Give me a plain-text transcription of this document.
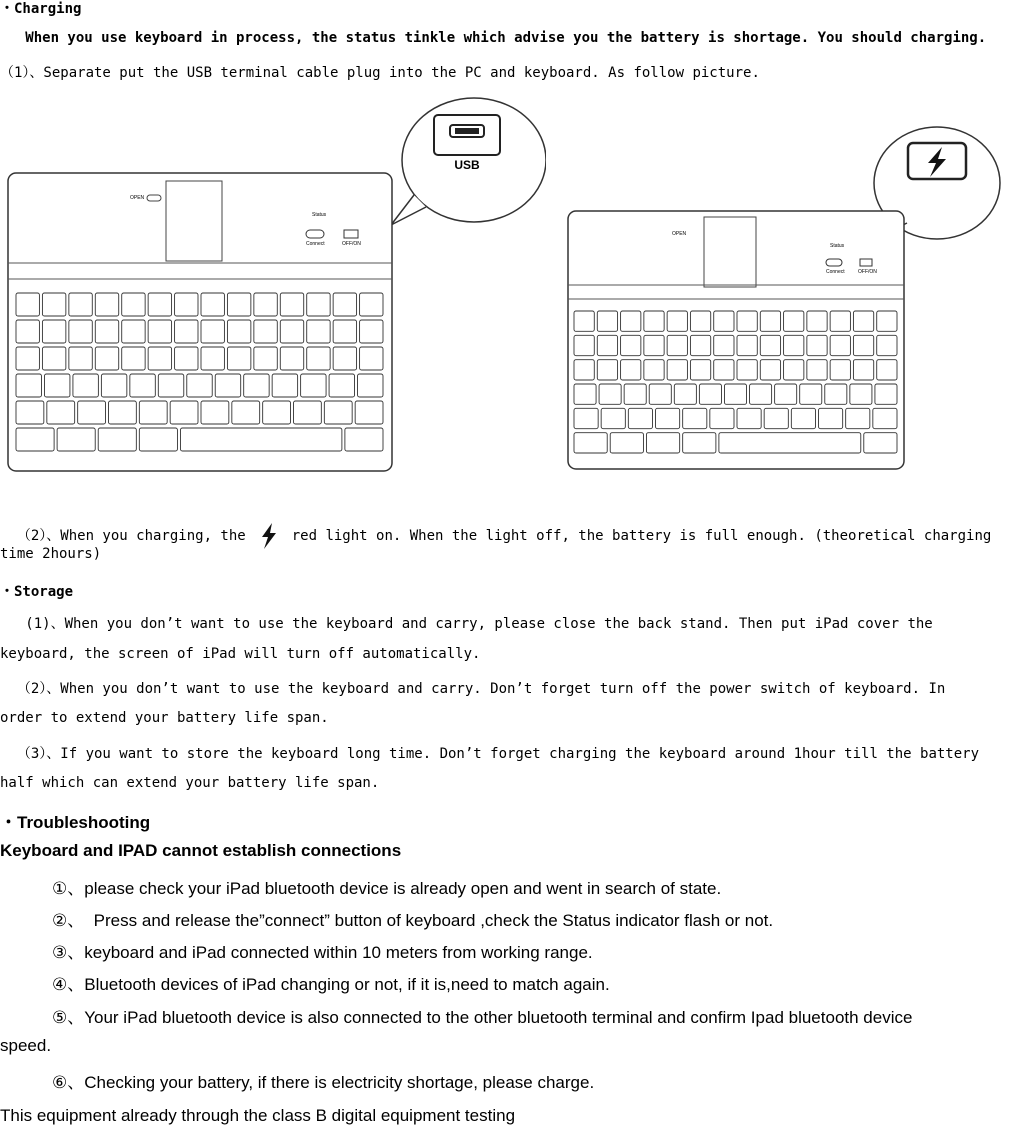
・Charging
When you use keyboard in process, the status tinkle which advise you the battery is shortage. You should charging.
（1）、Separate put the USB terminal cable plug into the PC and keyboard. As follow picture.
USB
OPEN
Status
Connect	OFF/ON
OPEN
Status
Connect	OFF/ON

（2）、When you charging, the	red light on. When the light off, the battery is full enough. (theoretical charging

time 2hours)
・Storage
(1)、When you don’t want to use the keyboard and carry, please close the back stand. Then put iPad cover the
keyboard, the screen of iPad will turn off automatically.
（2）、When you don’t want to use the keyboard and carry. Don’t forget turn off the power switch of keyboard. In
order to extend your battery life span.
（3）、If you want to store the keyboard long time. Don’t forget charging the keyboard around 1hour till the battery
half which can extend your battery life span.
・Troubleshooting
Keyboard and IPAD cannot establish connections
①、please check your iPad bluetooth device is already open and went in search of state.
②、  Press and release the”connect” button of keyboard ,check the Status indicator flash or not.
③、keyboard and iPad connected within 10 meters from working range.
④、Bluetooth devices of iPad changing or not, if it is,need to match again.
⑤、Your iPad bluetooth device is also connected to the other bluetooth terminal and confirm Ipad bluetooth device
speed.
⑥、Checking your battery, if there is electricity shortage, please charge.
This equipment already through the class B digital equipment testing
